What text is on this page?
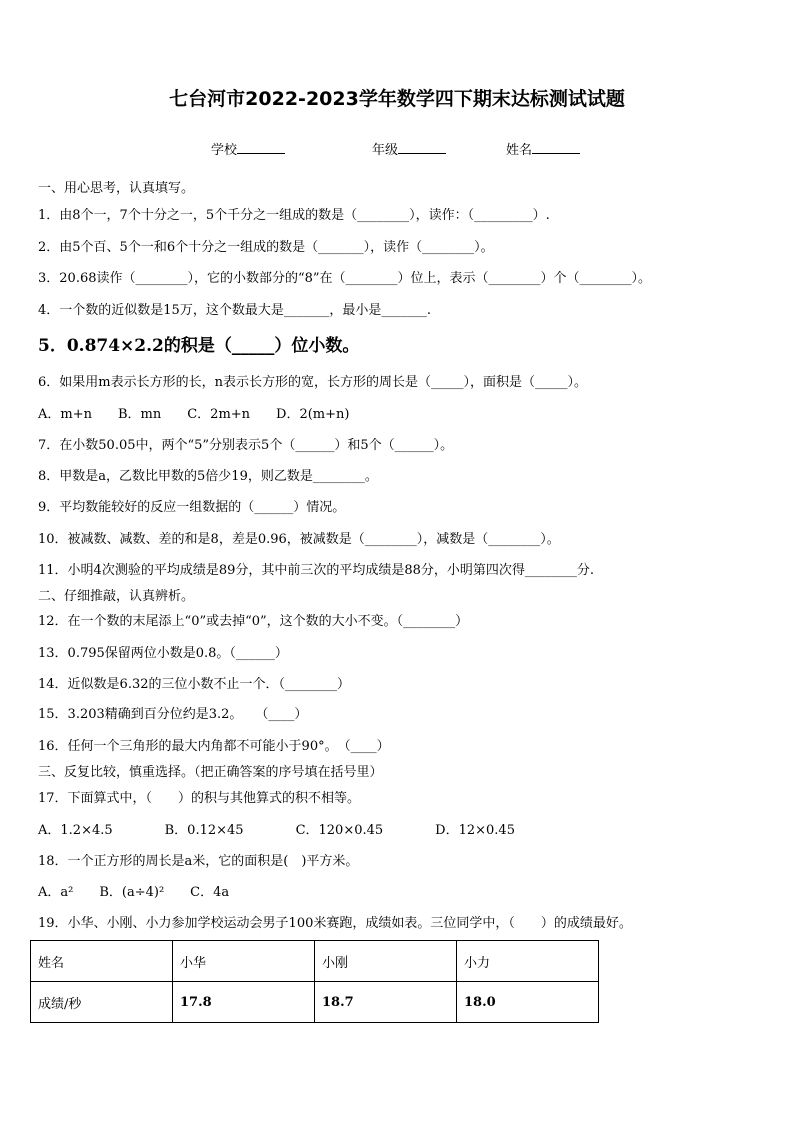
七台河市2022-2023学年数学四下期末达标测试试题
学校	年级	姓名
一、用心思考，认真填写。
1．由8个一，7个十分之一，5个千分之一组成的数是（________），读作：（_________）.
2．由5个百、5个一和6个十分之一组成的数是（_______），读作（________）。
3．20.68读作（________），它的小数部分的“8”在（________）位上，表示（________）个（________）。
4．一个数的近似数是15万，这个数最大是_______，最小是_______.
5．0.874×2.2的积是（_____）位小数。
6．如果用m表示长方形的长，n表示长方形的宽，长方形的周长是（_____），面积是（_____）。
A．m+n　　B．mn　　C．2m+n　　D．2(m+n)
7．在小数50.05中，两个“5”分别表示5个（______）和5个（______）。
8．甲数是a，乙数比甲数的5倍少19，则乙数是________。
9．平均数能较好的反应一组数据的（______）情况。
10．被减数、减数、差的和是8，差是0.96，被减数是（________），减数是（________）。
11．小明4次测验的平均成绩是89分，其中前三次的平均成绩是88分，小明第四次得________分.
二、仔细推敲，认真辨析。
12．在一个数的末尾添上“0”或去掉“0”，这个数的大小不变。（________）
13．0.795保留两位小数是0.8。（______）
14．近似数是6.32的三位小数不止一个．（________）
15．3.203精确到百分位约是3.2。　　（____）
16．任何一个三角形的最大内角都不可能小于90°。　（____）
三、反复比较，慎重选择。（把正确答案的序号填在括号里）
17．下面算式中，（　　）的积与其他算式的积不相等。
A．1.2×4.5　　　　B．0.12×45　　　　C．120×0.45　　　　D．12×0.45
18．一个正方形的周长是a米，它的面积是(　)平方米。
A．a²　　B．(a÷4)²　　C．4a
19．小华、小刚、小力参加学校运动会男子100米赛跑，成绩如表。三位同学中，（　　）的成绩最好。
姓名	小华	小刚	小力
成绩/秒	17.8	18.7	18.0
